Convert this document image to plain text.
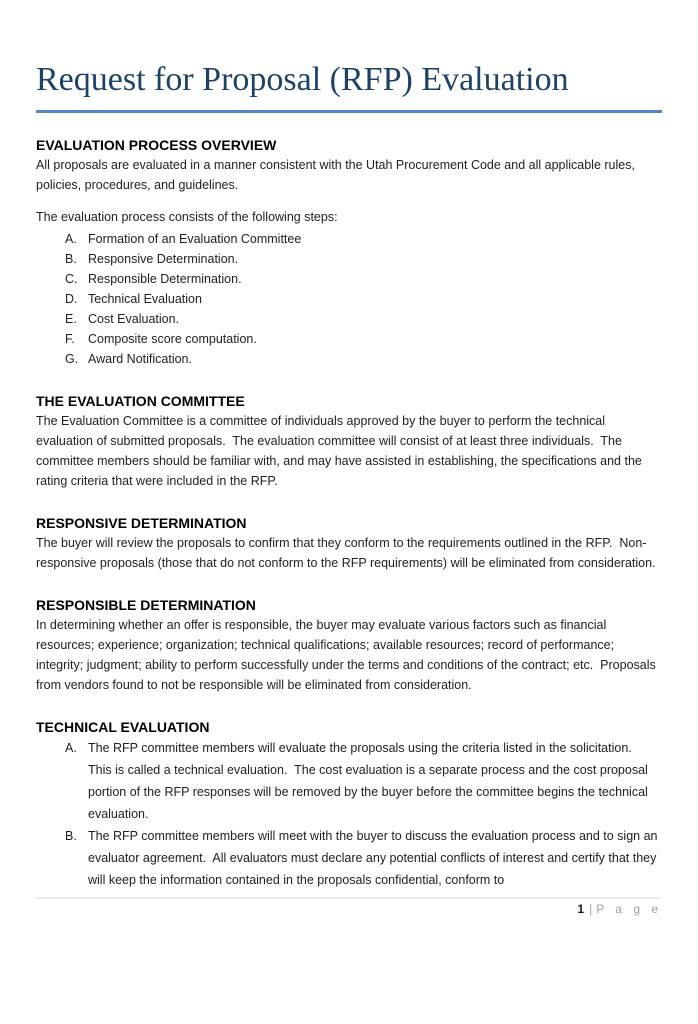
Request for Proposal (RFP) Evaluation
EVALUATION PROCESS OVERVIEW

All proposals are evaluated in a manner consistent with the Utah Procurement Code and all applicable rules, policies, procedures, and guidelines.

The evaluation process consists of the following steps:

A. Formation of an Evaluation Committee
B. Responsive Determination.
C. Responsible Determination.
D. Technical Evaluation
E. Cost Evaluation.
F.	Composite score computation.
G. Award Notification.
THE EVALUATION COMMITTEE

The Evaluation Committee is a committee of individuals approved by the buyer to perform the technical evaluation of submitted proposals.  The evaluation committee will consist of at least three individuals.  The committee members should be familiar with, and may have assisted in establishing, the specifications and the rating criteria that were included in the RFP.

RESPONSIVE DETERMINATION

The buyer will review the proposals to confirm that they conform to the requirements outlined in the RFP.  Non-responsive proposals (those that do not conform to the RFP requirements) will be eliminated from consideration.

RESPONSIBLE DETERMINATION

In determining whether an offer is responsible, the buyer may evaluate various factors such as financial resources; experience; organization; technical qualifications; available resources; record of performance; integrity; judgment; ability to perform successfully under the terms and conditions of the contract; etc.  Proposals from vendors found to not be responsible will be eliminated from consideration.

TECHNICAL EVALUATION
A. The RFP committee members will evaluate the proposals using the criteria listed in the solicitation.  This is called a technical evaluation.  The cost evaluation is a separate process and the cost proposal portion of the RFP responses will be removed by the buyer before the committee begins the technical evaluation.
B. The RFP committee members will meet with the buyer to discuss the evaluation process and to sign an evaluator agreement.  All evaluators must declare any potential conflicts of interest and certify that they will keep the information contained in the proposals confidential, conform to
1 | P a g e
